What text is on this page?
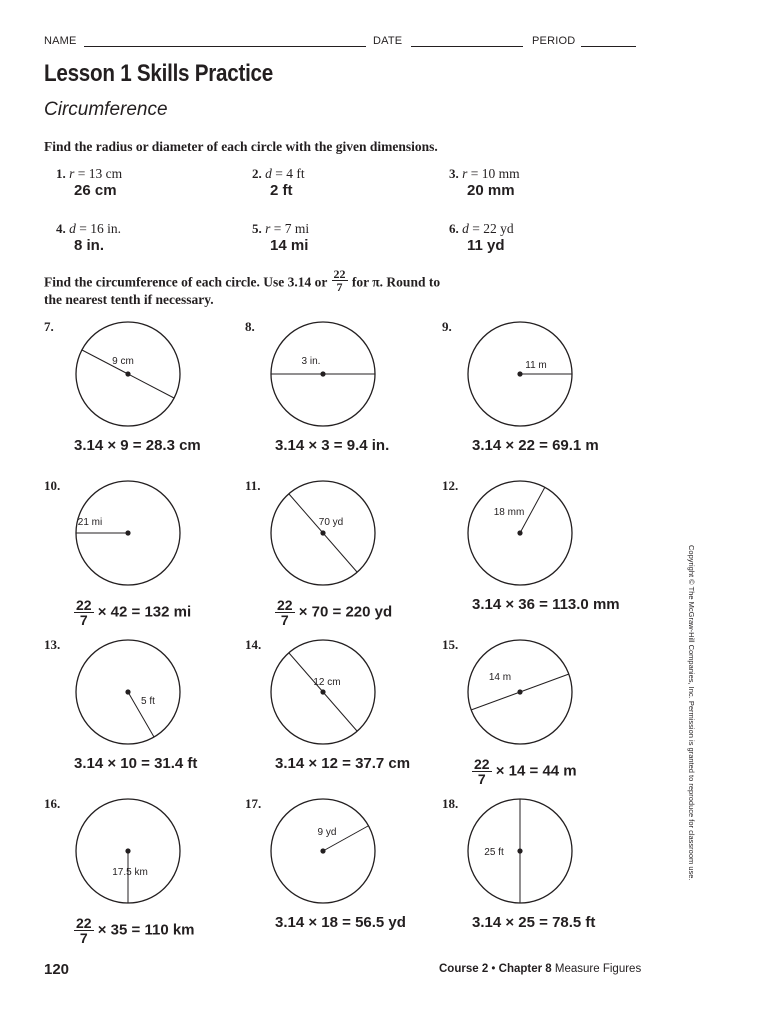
NAME	DATE	PERIOD
Lesson 1 Skills Practice
Circumference
Find the radius or diameter of each circle with the given dimensions.
1. r = 13 cm
26 cm
2. d = 4 ft
2 ft
3. r = 10 mm
20 mm
4. d = 16 in.
8 in.
5. r = 7 mi
14 mi
6. d = 22 yd
11 yd
Find the circumference of each circle. Use 3.14 or $\frac{22}{7}$ for π. Round to
the nearest tenth if necessary.
7.
9 cm
3.14 × 9 = 28.3 cm
8.
3 in.
3.14 × 3 = 9.4 in.
9.
11 m
3.14 × 22 = 69.1 m
10.
21 mi
$\frac{22}{7} \times 42 = 132$ mi
11.
70 yd
$\frac{22}{7} \times 70 = 220$ yd
12.
18 mm
3.14 × 36 = 113.0 mm
13.
5 ft
3.14 × 10 = 31.4 ft
14.
12 cm
3.14 × 12 = 37.7 cm
15.
14 m
$\frac{22}{7} \times 14 = 44$ m
16.
17.5 km
$\frac{22}{7} \times 35 = 110$ km
17.
9 yd
3.14 × 18 = 56.5 yd
18.
25 ft
3.14 × 25 = 78.5 ft
Copyright © The McGraw-Hill Companies, Inc. Permission is granted to reproduce for classroom use.
120	Course 2 • Chapter 8 Measure Figures
